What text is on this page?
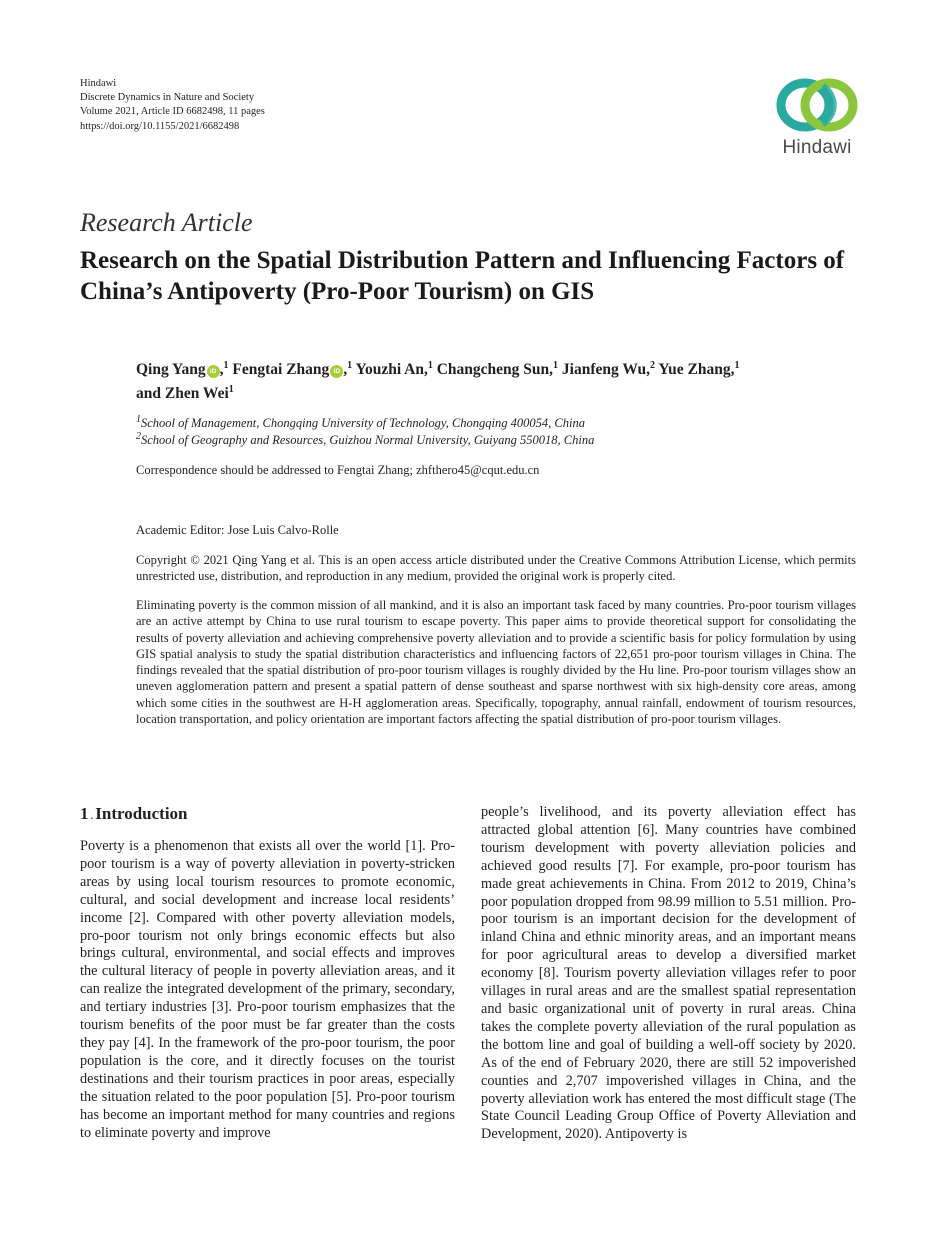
Hindawi
Discrete Dynamics in Nature and Society
Volume 2021, Article ID 6682498, 11 pages
https://doi.org/10.1155/2021/6682498
Hindawi
Research Article
Research on the Spatial Distribution Pattern and Influencing Factors of China’s Antipoverty (Pro-Poor Tourism) on GIS
Qing Yang iD ,$^1$ Fengtai Zhang iD ,$^1$ Youzhi An,$^1$ Changcheng Sun,$^1$ Jianfeng Wu,$^2$ Yue Zhang,$^1$
and Zhen Wei$^1$
$^1$School of Management, Chongqing University of Technology, Chongqing 400054, China
$^2$School of Geography and Resources, Guizhou Normal University, Guiyang 550018, China
Correspondence should be addressed to Fengtai Zhang; zhfthero45@cqut.edu.cn
Academic Editor: Jose Luis Calvo-Rolle
Copyright © 2021 Qing Yang et al. This is an open access article distributed under the Creative Commons Attribution License, which permits unrestricted use, distribution, and reproduction in any medium, provided the original work is properly cited.
Eliminating poverty is the common mission of all mankind, and it is also an important task faced by many countries. Pro-poor tourism villages are an active attempt by China to use rural tourism to escape poverty. This paper aims to provide theoretical support for consolidating the results of poverty alleviation and achieving comprehensive poverty alleviation and to provide a scientific basis for policy formulation by using GIS spatial analysis to study the spatial distribution characteristics and influencing factors of 22,651 pro-poor tourism villages in China. The findings revealed that the spatial distribution of pro-poor tourism villages is roughly divided by the Hu line. Pro-poor tourism villages show an uneven agglomeration pattern and present a spatial pattern of dense southeast and sparse northwest with six high-density core areas, among which some cities in the southwest are H-H agglomeration areas. Specifically, topography, annual rainfall, endowment of tourism resources, location transportation, and policy orientation are important factors affecting the spatial distribution of pro-poor tourism villages.
1 . Introduction
Poverty is a phenomenon that exists all over the world [1]. Pro-poor tourism is a way of poverty alleviation in poverty-stricken areas by using local tourism resources to promote economic, cultural, and social development and increase local residents’ income [2]. Compared with other poverty alleviation models, pro-poor tourism not only brings economic effects but also brings cultural, environmental, and social effects and improves the cultural literacy of people in poverty alleviation areas, and it can realize the integrated development of the primary, secondary, and tertiary industries [3]. Pro-poor tourism emphasizes that the tourism benefits of the poor must be far greater than the costs they pay [4]. In the framework of the pro-poor tourism, the poor population is the core, and it directly focuses on the tourist destinations and their tourism practices in poor areas, especially the situation related to the poor population [5]. Pro-poor tourism has become an important method for many countries and regions to eliminate poverty and improve
people’s livelihood, and its poverty alleviation effect has attracted global attention [6]. Many countries have combined tourism development with poverty alleviation policies and achieved good results [7]. For example, pro-poor tourism has made great achievements in China. From 2012 to 2019, China’s poor population dropped from 98.99 million to 5.51 million. Pro-poor tourism is an important decision for the development of inland China and ethnic minority areas, and an important means for poor agricultural areas to develop a diversified market economy [8]. Tourism poverty alleviation villages refer to poor villages in rural areas and are the smallest spatial representation and basic organizational unit of poverty in rural areas. China takes the complete poverty alleviation of the rural population as the bottom line and goal of building a well-off society by 2020. As of the end of February 2020, there are still 52 impoverished counties and 2,707 impoverished villages in China, and the poverty alleviation work has entered the most difficult stage (The State Council Leading Group Office of Poverty Alleviation and Development, 2020). Antipoverty is
